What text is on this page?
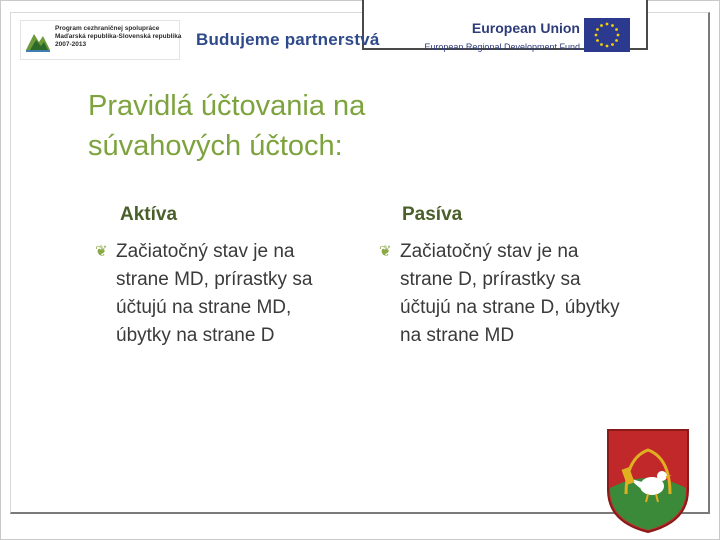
Program cezhraničnej spolupráce
Maďarská republika-Slovenská republika
2007-2013	Budujeme partnerstvá
European Union
European Regional Development Fund
Pravidlá účtovania na
súvahových účtoch:
Aktíva	Pasíva
❦ Začiatočný stav je na strane MD, prírastky sa účtujú na strane MD, úbytky na strane D
❦ Začiatočný stav je na strane D, prírastky sa účtujú na strane D, úbytky na strane MD
